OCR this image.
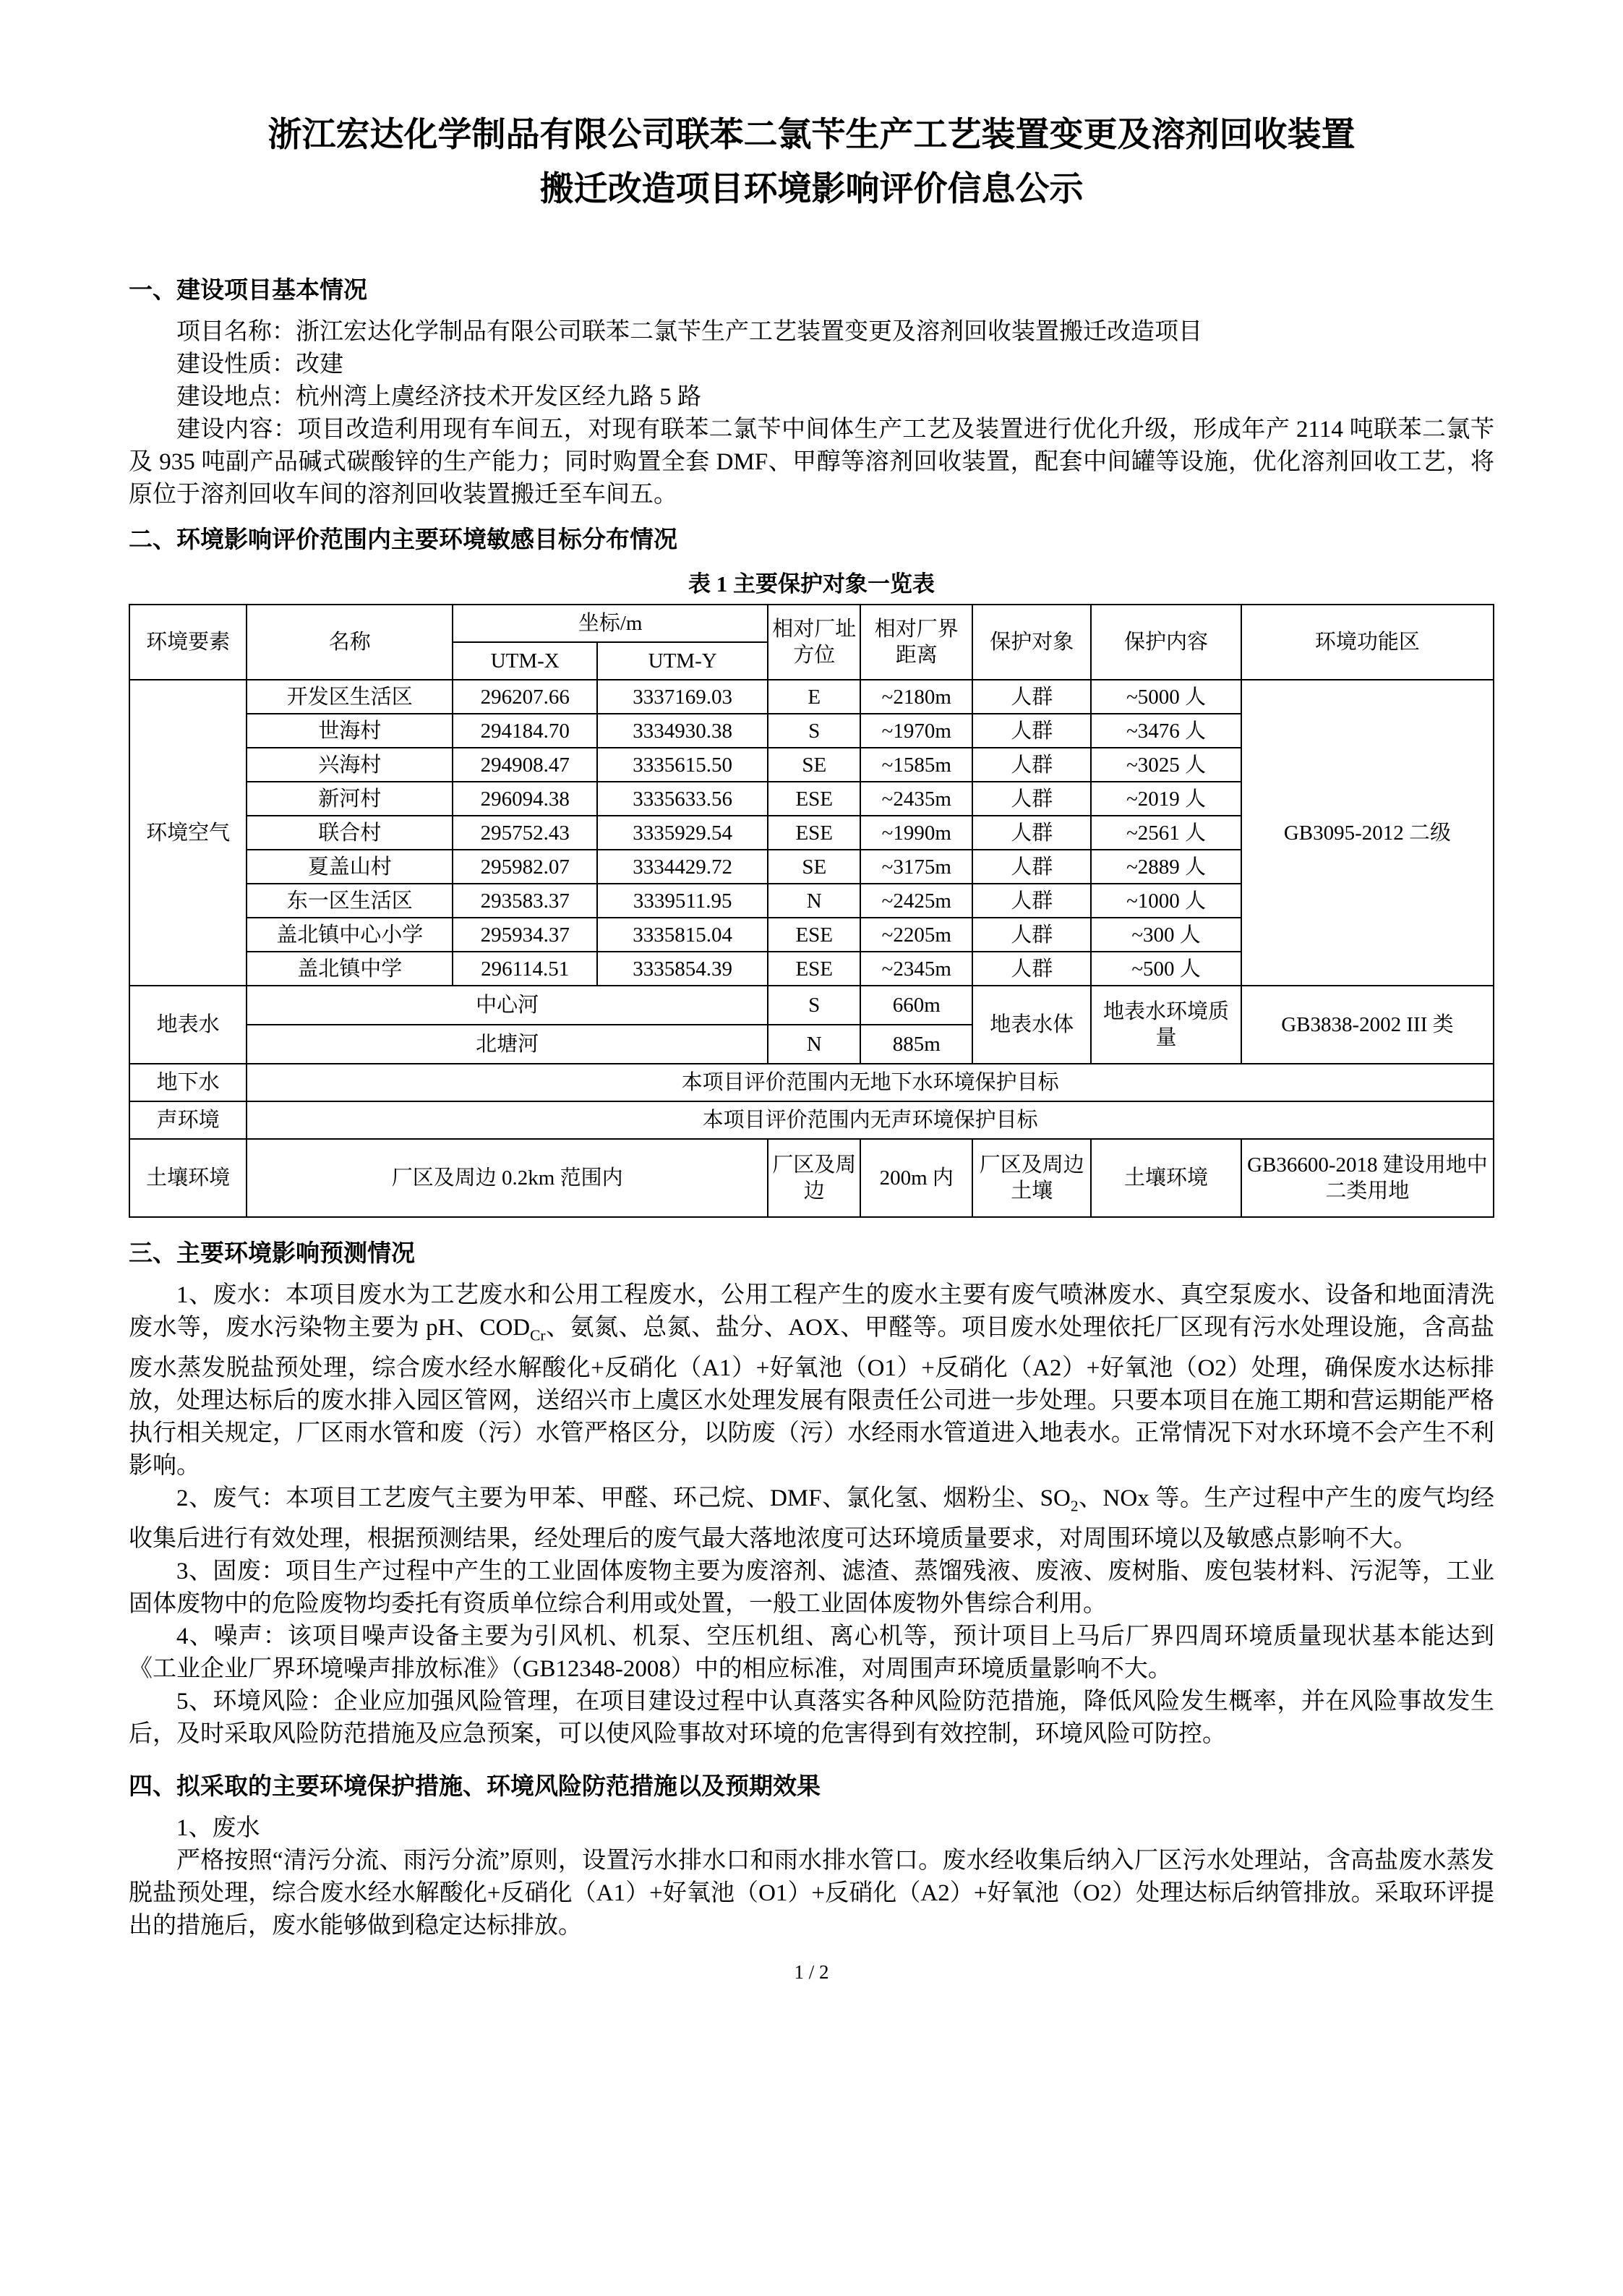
浙江宏达化学制品有限公司联苯二氯苄生产工艺装置变更及溶剂回收装置
搬迁改造项目环境影响评价信息公示
一、建设项目基本情况

项目名称：浙江宏达化学制品有限公司联苯二氯苄生产工艺装置变更及溶剂回收装置搬迁改造项目

建设性质：改建

建设地点：杭州湾上虞经济技术开发区经九路 5 路

建设内容：项目改造利用现有车间五，对现有联苯二氯苄中间体生产工艺及装置进行优化升级，形成年产 2114 吨联苯二氯苄及 935 吨副产品碱式碳酸锌的生产能力；同时购置全套 DMF、甲醇等溶剂回收装置，配套中间罐等设施，优化溶剂回收工艺，将原位于溶剂回收车间的溶剂回收装置搬迁至车间五。

二、环境影响评价范围内主要环境敏感目标分布情况
表 1 主要保护对象一览表
环境要素	名称	坐标/m		相对厂址方位	相对厂界距离	保护对象	保护内容	环境功能区
		UTM-X	UTM-Y					
环境空气	开发区生活区	296207.66	3337169.03	E	~2180m	人群	~5000 人	GB3095-2012 二级
	世海村	294184.70	3334930.38	S	~1970m	人群	~3476 人	
	兴海村	294908.47	3335615.50	SE	~1585m	人群	~3025 人	
	新河村	296094.38	3335633.56	ESE	~2435m	人群	~2019 人	
	联合村	295752.43	3335929.54	ESE	~1990m	人群	~2561 人	
	夏盖山村	295982.07	3334429.72	SE	~3175m	人群	~2889 人	
	东一区生活区	293583.37	3339511.95	N	~2425m	人群	~1000 人	
	盖北镇中心小学	295934.37	3335815.04	ESE	~2205m	人群	~300 人	
	盖北镇中学	296114.51	3335854.39	ESE	~2345m	人群	~500 人	
地表水	中心河			S	660m	地表水体	地表水环境质量	GB3838-2002 III 类
	北塘河			N	885m			
地下水	本项目评价范围内无地下水环境保护目标							
声环境	本项目评价范围内无声环境保护目标							
土壤环境	厂区及周边 0.2km 范围内			厂区及周边	200m 内	厂区及周边土壤	土壤环境	GB36600-2018 建设用地中二类用地
三、主要环境影响预测情况

1、废水：本项目废水为工艺废水和公用工程废水，公用工程产生的废水主要有废气喷淋废水、真空泵废水、设备和地面清洗废水等，废水污染物主要为 pH、$COD_{Cr}$、氨氮、总氮、盐分、AOX、甲醛等。项目废水处理依托厂区现有污水处理设施，含高盐废水蒸发脱盐预处理，综合废水经水解酸化+反硝化（A1）+好氧池（O1）+反硝化（A2）+好氧池（O2）处理，确保废水达标排放，处理达标后的废水排入园区管网，送绍兴市上虞区水处理发展有限责任公司进一步处理。只要本项目在施工期和营运期能严格执行相关规定，厂区雨水管和废（污）水管严格区分，以防废（污）水经雨水管道进入地表水。正常情况下对水环境不会产生不利影响。

2、废气：本项目工艺废气主要为甲苯、甲醛、环己烷、DMF、氯化氢、烟粉尘、$SO_2$、NOx 等。生产过程中产生的废气均经收集后进行有效处理，根据预测结果，经处理后的废气最大落地浓度可达环境质量要求，对周围环境以及敏感点影响不大。

3、固废：项目生产过程中产生的工业固体废物主要为废溶剂、滤渣、蒸馏残液、废液、废树脂、废包装材料、污泥等，工业固体废物中的危险废物均委托有资质单位综合利用或处置，一般工业固体废物外售综合利用。

4、噪声：该项目噪声设备主要为引风机、机泵、空压机组、离心机等，预计项目上马后厂界四周环境质量现状基本能达到《工业企业厂界环境噪声排放标准》（GB12348-2008）中的相应标准，对周围声环境质量影响不大。

5、环境风险：企业应加强风险管理，在项目建设过程中认真落实各种风险防范措施，降低风险发生概率，并在风险事故发生后，及时采取风险防范措施及应急预案，可以使风险事故对环境的危害得到有效控制，环境风险可防控。

四、拟采取的主要环境保护措施、环境风险防范措施以及预期效果

1、废水

严格按照“清污分流、雨污分流”原则，设置污水排水口和雨水排水管口。废水经收集后纳入厂区污水处理站，含高盐废水蒸发脱盐预处理，综合废水经水解酸化+反硝化（A1）+好氧池（O1）+反硝化（A2）+好氧池（O2）处理达标后纳管排放。采取环评提出的措施后，废水能够做到稳定达标排放。

1 / 2
